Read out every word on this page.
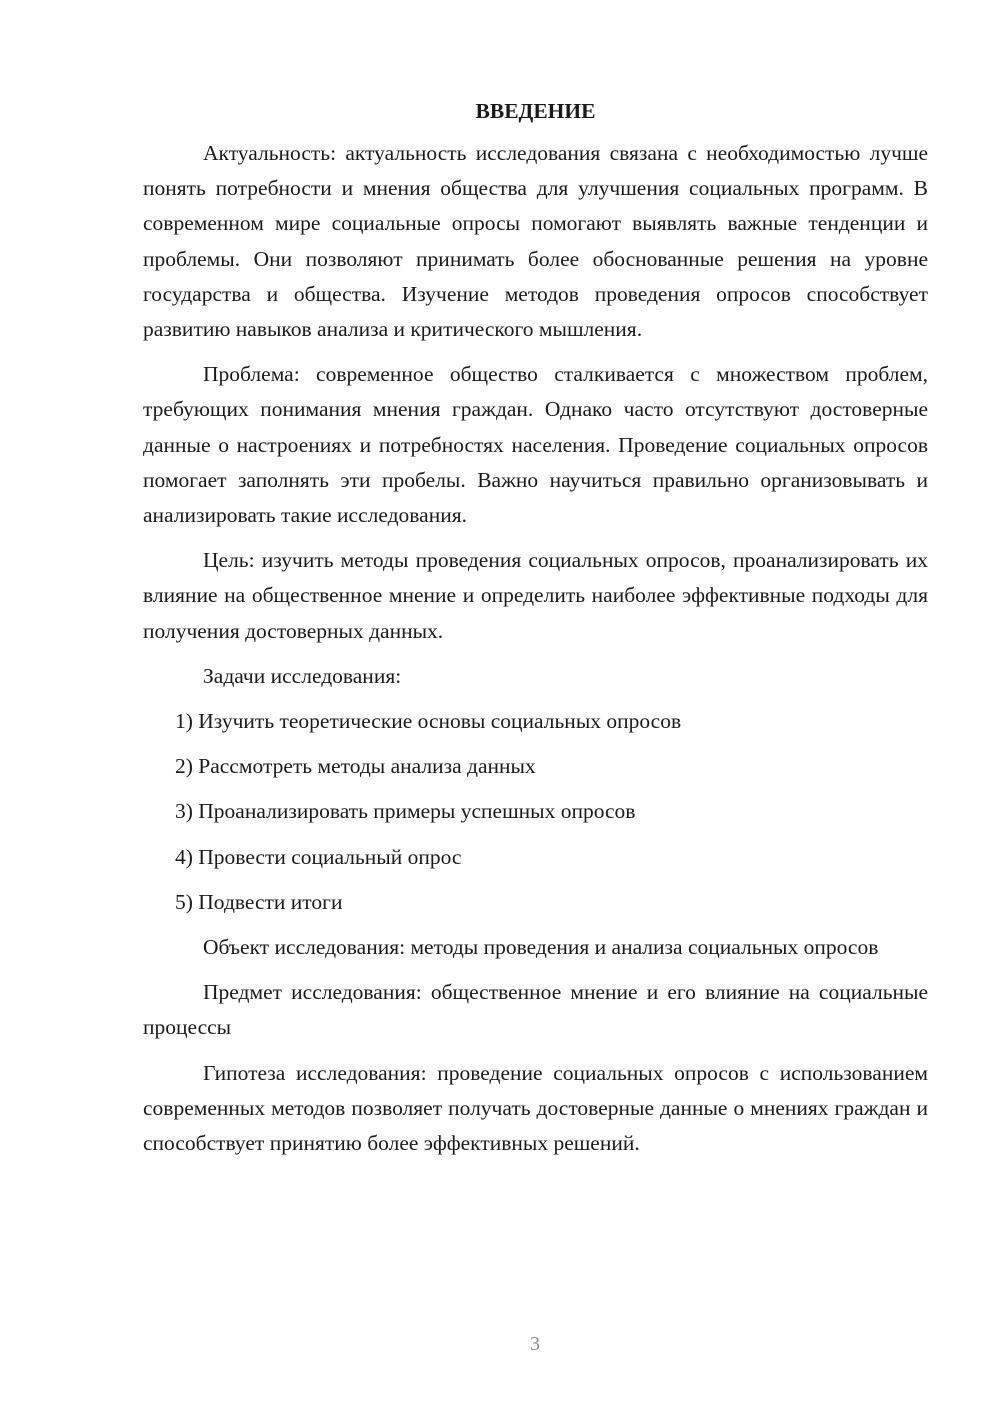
ВВЕДЕНИЕ

Актуальность: актуальность исследования связана с необходимостью лучше понять потребности и мнения общества для улучшения социальных программ. В современном мире социальные опросы помогают выявлять важные тенденции и проблемы. Они позволяют принимать более обоснованные решения на уровне государства и общества. Изучение методов проведения опросов способствует развитию навыков анализа и критического мышления.

Проблема: современное общество сталкивается с множеством проблем, требующих понимания мнения граждан. Однако часто отсутствуют достоверные данные о настроениях и потребностях населения. Проведение социальных опросов помогает заполнять эти пробелы. Важно научиться правильно организовывать и анализировать такие исследования.

Цель: изучить методы проведения социальных опросов, проанализировать их влияние на общественное мнение и определить наиболее эффективные подходы для получения достоверных данных.

Задачи исследования:

1) Изучить теоретические основы социальных опросов
2) Рассмотреть методы анализа данных
3) Проанализировать примеры успешных опросов
4) Провести социальный опрос
5) Подвести итоги

Объект исследования: методы проведения и анализа социальных опросов

Предмет исследования: общественное мнение и его влияние на социальные процессы

Гипотеза исследования: проведение социальных опросов с использованием современных методов позволяет получать достоверные данные о мнениях граждан и способствует принятию более эффективных решений.

3
